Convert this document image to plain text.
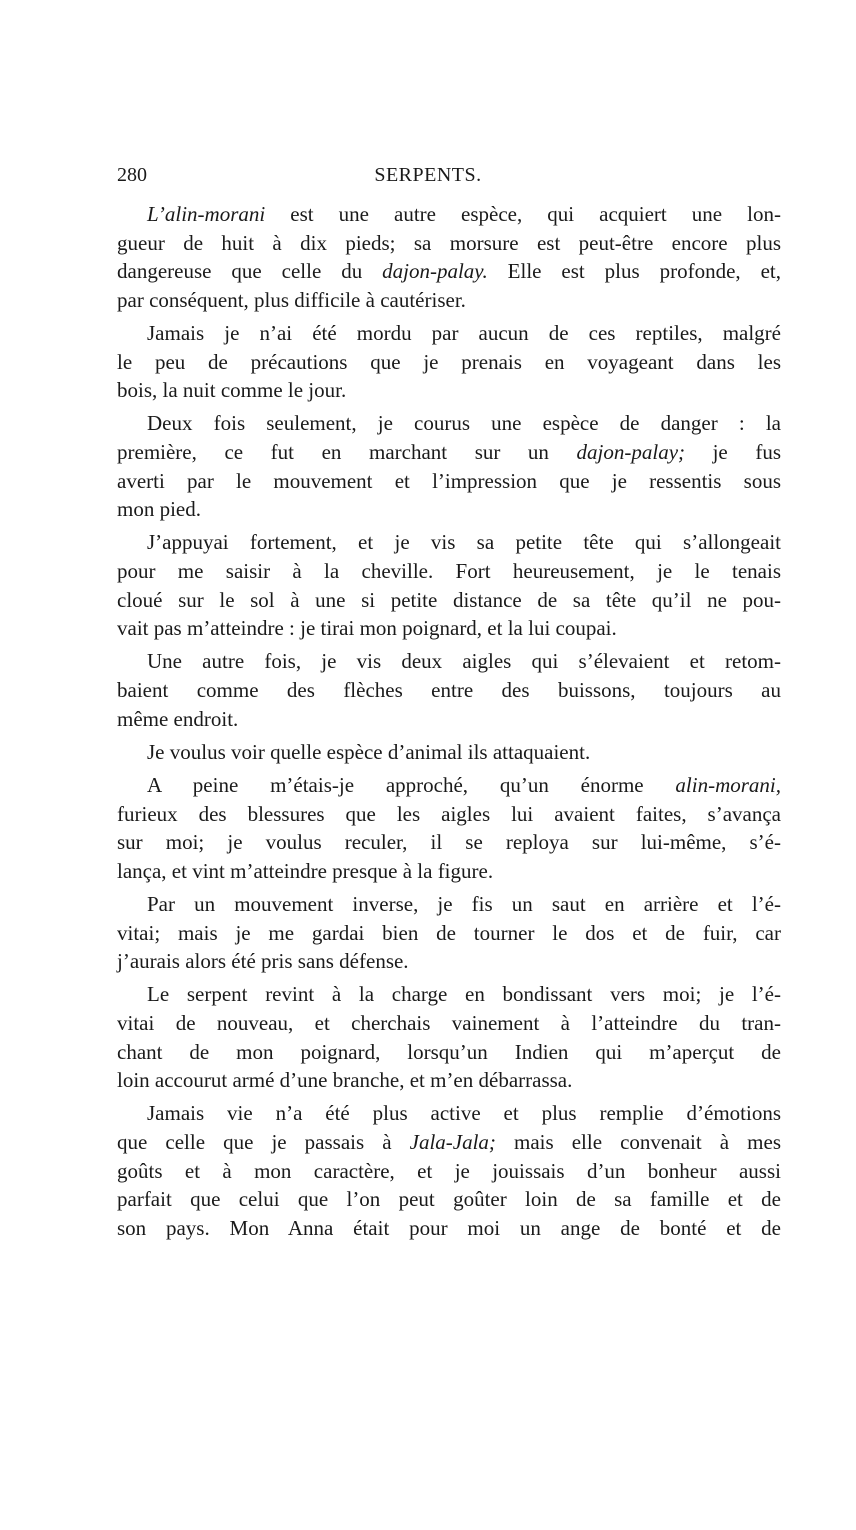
280	SERPENTS.
L’alin-morani est une autre espèce, qui acquiert une lon-
gueur de huit à dix pieds; sa morsure est peut-être encore plus
dangereuse que celle du dajon-palay. Elle est plus profonde, et,
par conséquent, plus difficile à cautériser.
Jamais je n’ai été mordu par aucun de ces reptiles, malgré
le peu de précautions que je prenais en voyageant dans les
bois, la nuit comme le jour.
Deux fois seulement, je courus une espèce de danger : la
première, ce fut en marchant sur un dajon-palay; je fus
averti par le mouvement et l’impression que je ressentis sous
mon pied.
J’appuyai fortement, et je vis sa petite tête qui s’allongeait
pour me saisir à la cheville. Fort heureusement, je le tenais
cloué sur le sol à une si petite distance de sa tête qu’il ne pou-
vait pas m’atteindre : je tirai mon poignard, et la lui coupai.
Une autre fois, je vis deux aigles qui s’élevaient et retom-
baient comme des flèches entre des buissons, toujours au
même endroit.
Je voulus voir quelle espèce d’animal ils attaquaient.
A peine m’étais-je approché, qu’un énorme alin-morani,
furieux des blessures que les aigles lui avaient faites, s’avança
sur moi; je voulus reculer, il se reploya sur lui-même, s’é-
lança, et vint m’atteindre presque à la figure.
Par un mouvement inverse, je fis un saut en arrière et l’é-
vitai; mais je me gardai bien de tourner le dos et de fuir, car
j’aurais alors été pris sans défense.
Le serpent revint à la charge en bondissant vers moi; je l’é-
vitai de nouveau, et cherchais vainement à l’atteindre du tran-
chant de mon poignard, lorsqu’un Indien qui m’aperçut de
loin accourut armé d’une branche, et m’en débarrassa.
Jamais vie n’a été plus active et plus remplie d’émotions
que celle que je passais à Jala-Jala; mais elle convenait à mes
goûts et à mon caractère, et je jouissais d’un bonheur aussi
parfait que celui que l’on peut goûter loin de sa famille et de
son pays. Mon Anna était pour moi un ange de bonté et de
